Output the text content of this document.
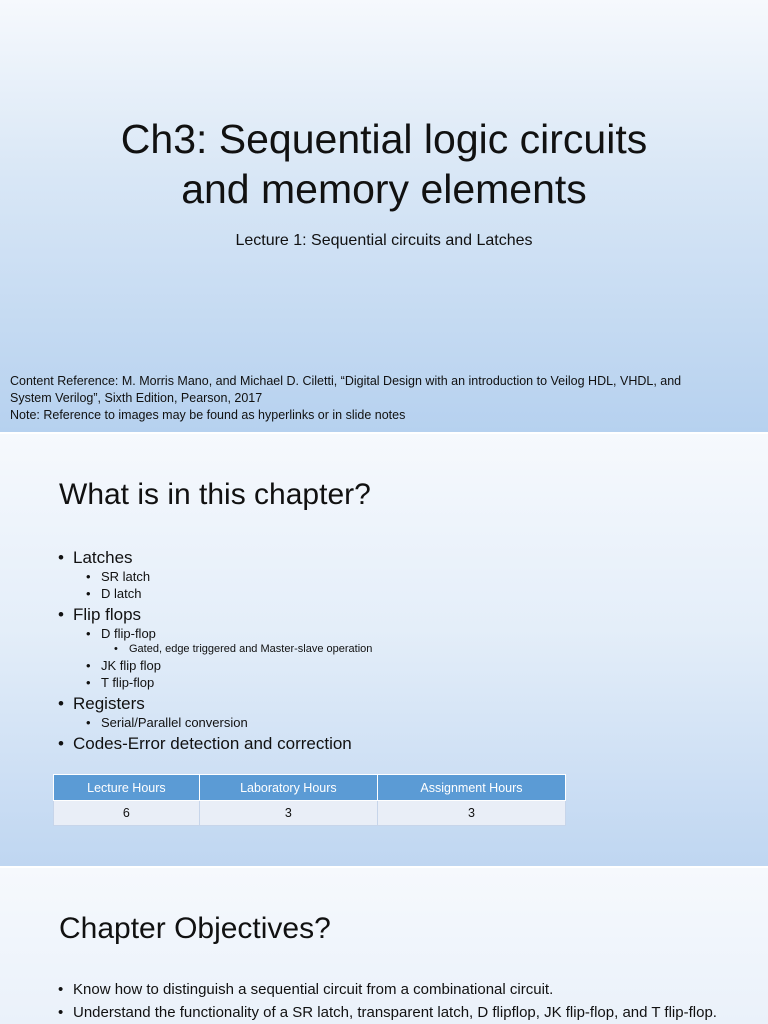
Ch3: Sequential logic circuits
and memory elements
Lecture 1: Sequential circuits and Latches
Content Reference: M. Morris Mano, and Michael D. Ciletti, “Digital Design with an introduction to Veilog HDL, VHDL, and
System Verilog”, Sixth Edition, Pearson, 2017
Note: Reference to images may be found as hyperlinks or in slide notes
What is in this chapter?
• Latches
• SR latch
• D latch
• Flip flops
• D flip-flop
• Gated, edge triggered and Master-slave operation
• JK flip flop
• T flip-flop
• Registers
• Serial/Parallel conversion
• Codes-Error detection and correction
Lecture Hours	Laboratory Hours	Assignment Hours
6	3	3
Chapter Objectives?
• Know how to distinguish a sequential circuit from a combinational circuit.
• Understand the functionality of a SR latch, transparent latch, D flipflop, JK flip-flop, and T flip-flop.
